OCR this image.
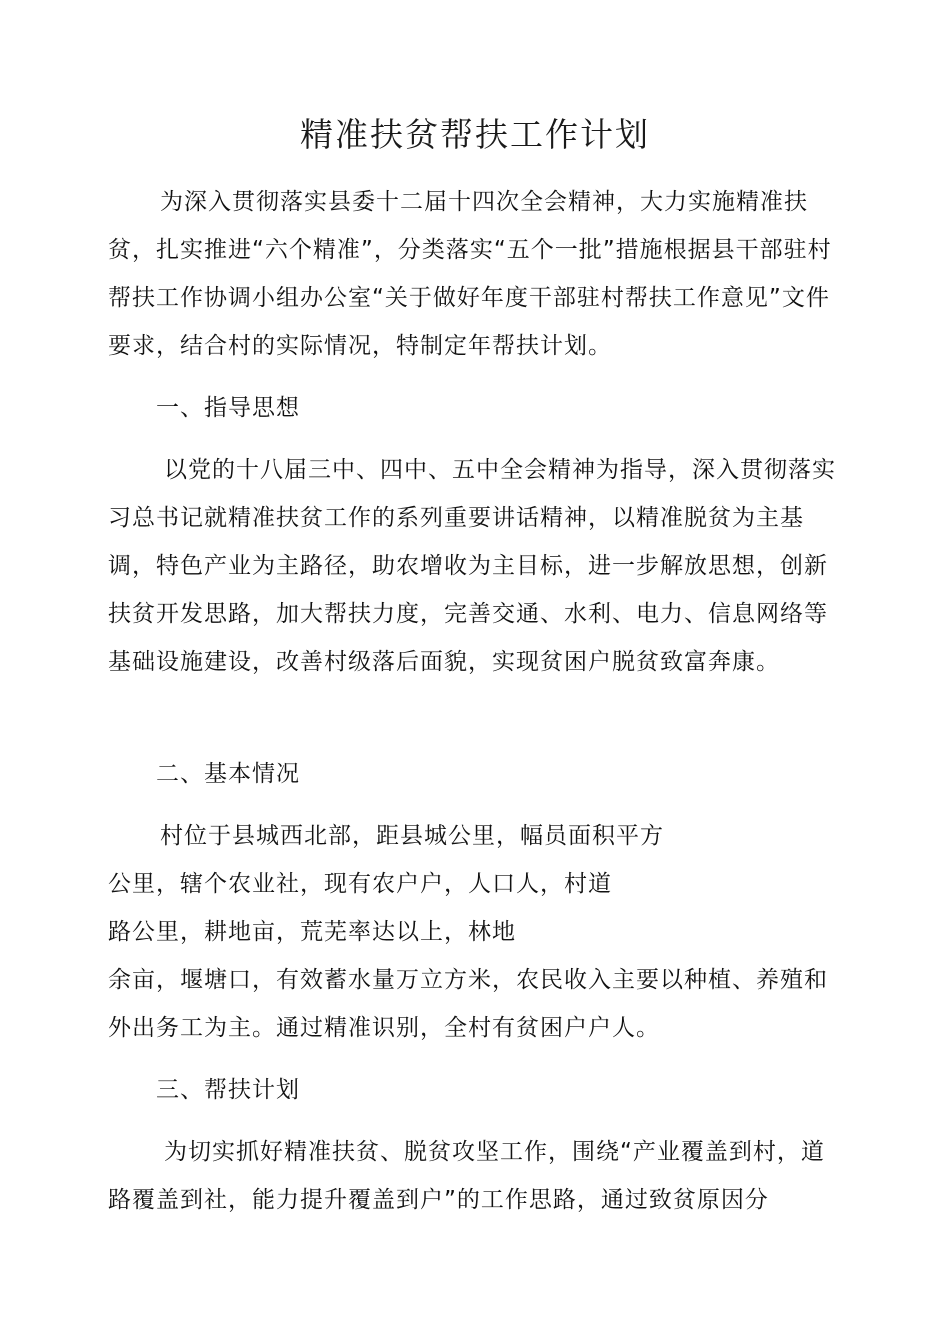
精准扶贫帮扶工作计划

为深入贯彻落实县委十二届十四次全会精神，大力实施精准扶贫，扎实推进“六个精准”，分类落实“五个一批”措施根据县干部驻村帮扶工作协调小组办公室“关于做好年度干部驻村帮扶工作意见”文件要求，结合村的实际情况，特制定年帮扶计划。

一、指导思想

以党的十八届三中、四中、五中全会精神为指导，深入贯彻落实习总书记就精准扶贫工作的系列重要讲话精神，以精准脱贫为主基调，特色产业为主路径，助农增收为主目标，进一步解放思想，创新扶贫开发思路，加大帮扶力度，完善交通、水利、电力、信息网络等基础设施建设，改善村级落后面貌，实现贫困户脱贫致富奔康。

二、基本情况

村位于县城西北部，距县城公里，幅员面积平方

公里，辖个农业社，现有农户户，人口人，村道

路公里，耕地亩，荒芜率达以上，林地

余亩，堰塘口，有效蓄水量万立方米，农民收入主要以种植、养殖和外出务工为主。通过精准识别，全村有贫困户户人。

三、帮扶计划

为切实抓好精准扶贫、脱贫攻坚工作，围绕“产业覆盖到村，道路覆盖到社，能力提升覆盖到户”的工作思路，通过致贫原因分
